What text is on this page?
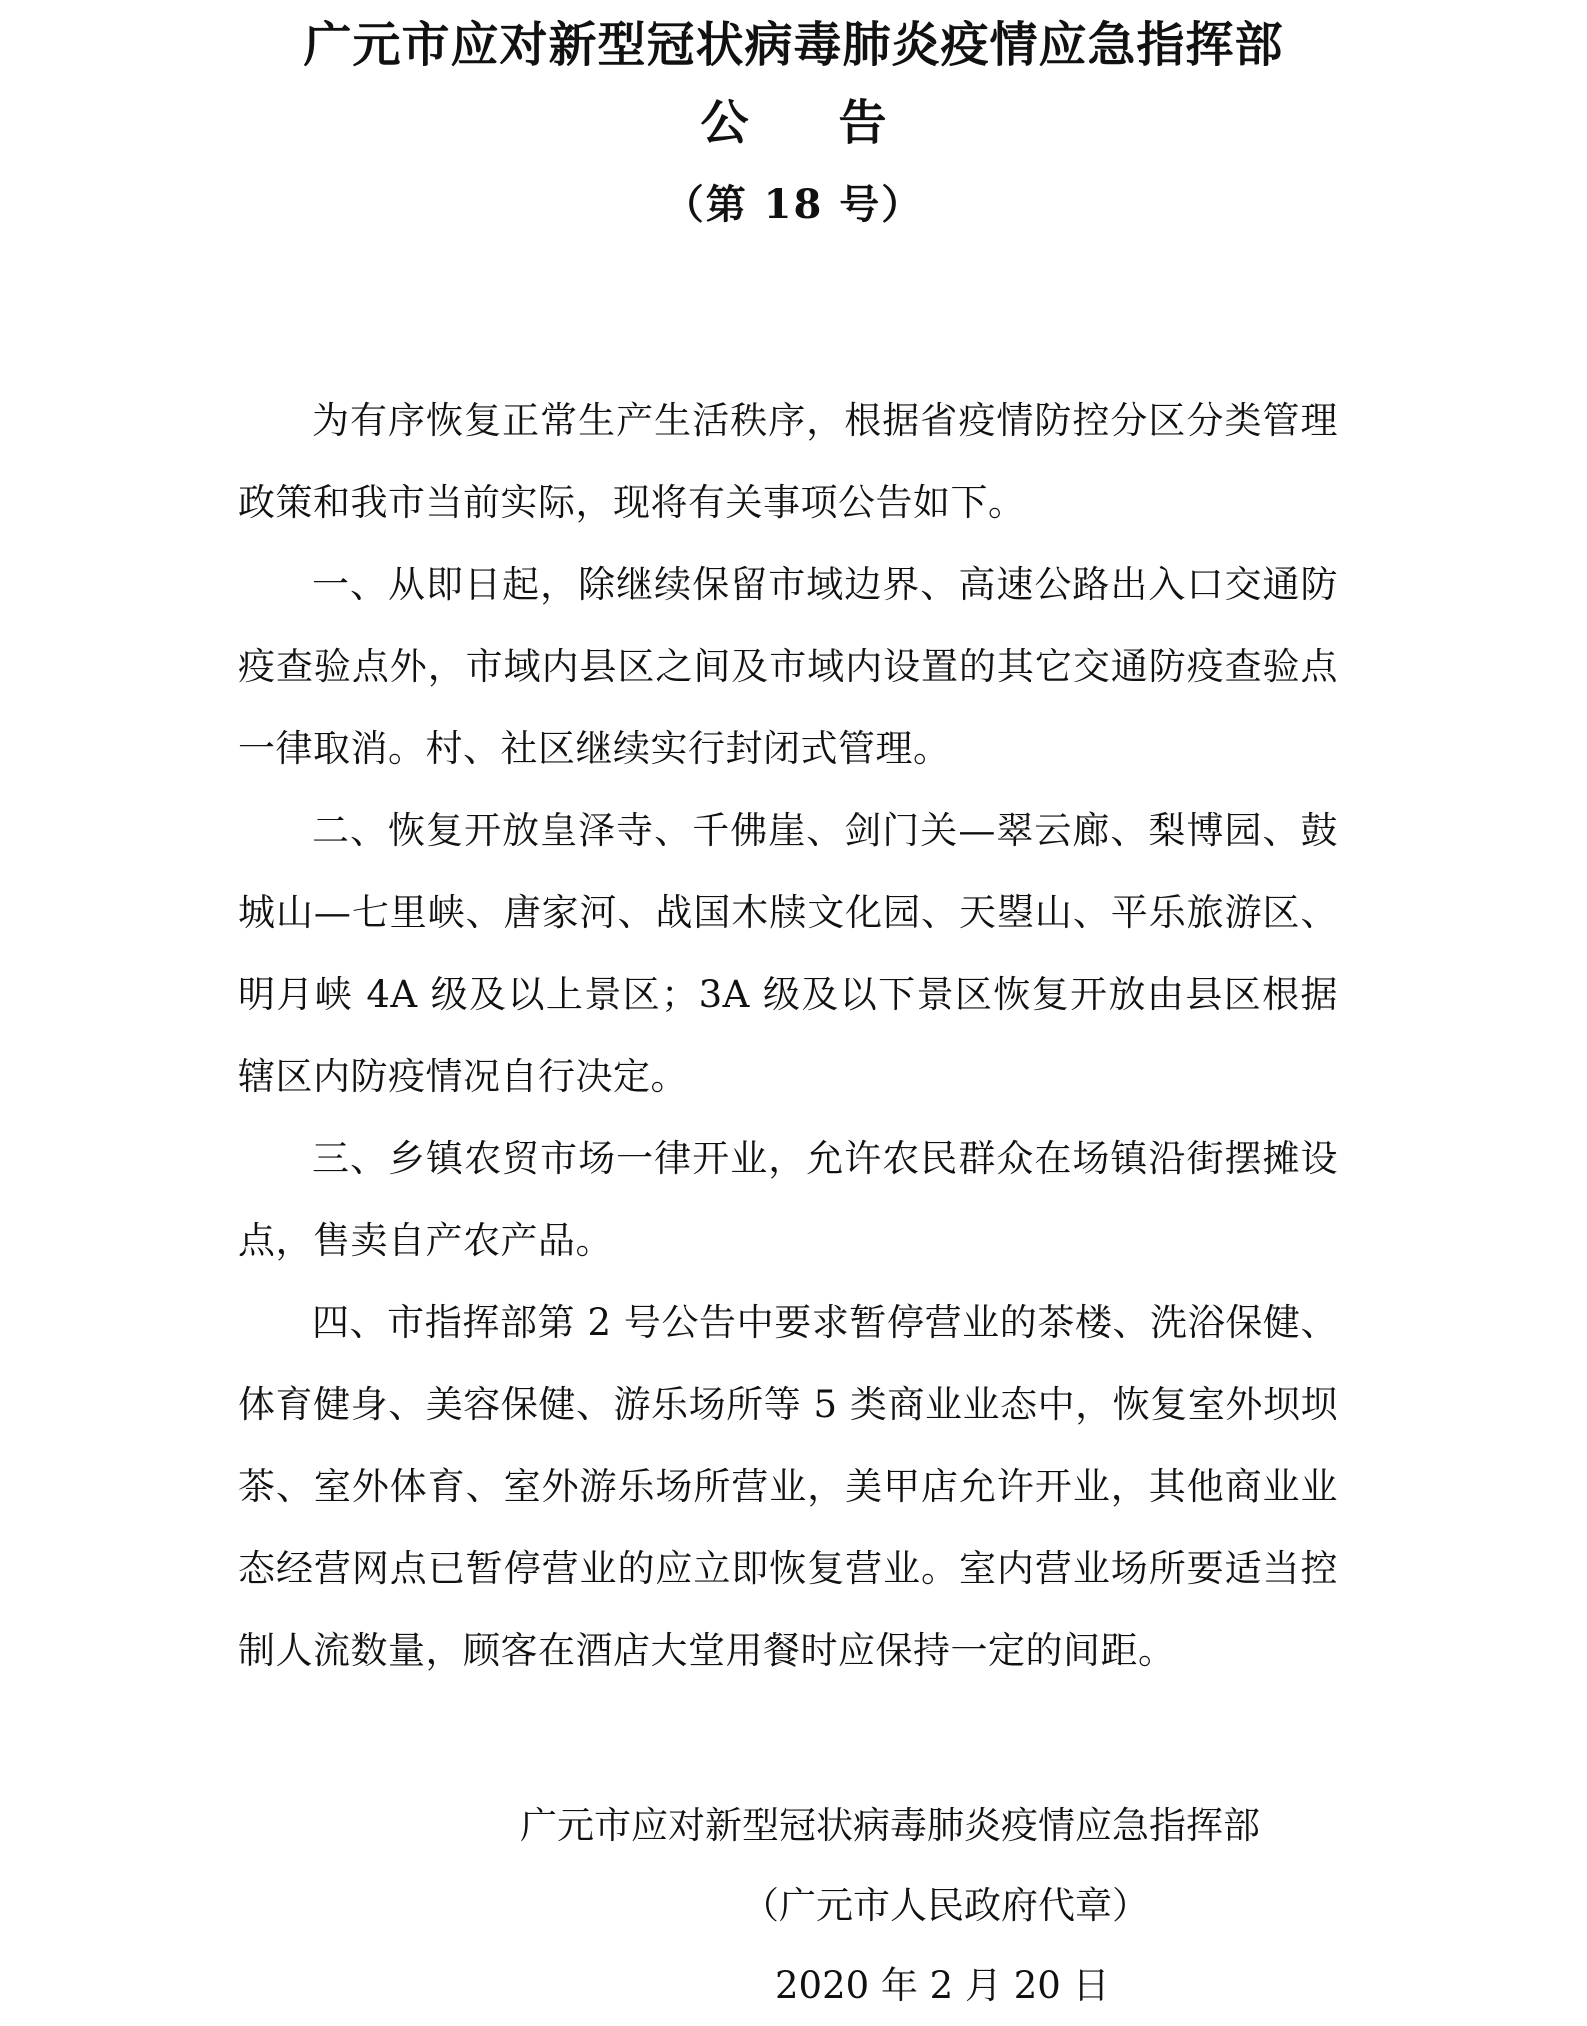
广元市应对新型冠状病毒肺炎疫情应急指挥部
公告
（第 18 号）

为有序恢复正常生产生活秩序，根据省疫情防控分区分类管理政策和我市当前实际，现将有关事项公告如下。

一、从即日起，除继续保留市域边界、高速公路出入口交通防疫查验点外，市域内县区之间及市域内设置的其它交通防疫查验点一律取消。村、社区继续实行封闭式管理。

二、恢复开放皇泽寺、千佛崖、剑门关—翠云廊、梨博园、鼓城山—七里峡、唐家河、战国木牍文化园、天曌山、平乐旅游区、明月峡 4A 级及以上景区；3A 级及以下景区恢复开放由县区根据辖区内防疫情况自行决定。

三、乡镇农贸市场一律开业，允许农民群众在场镇沿街摆摊设点，售卖自产农产品。

四、市指挥部第 2 号公告中要求暂停营业的茶楼、洗浴保健、体育健身、美容保健、游乐场所等 5 类商业业态中，恢复室外坝坝茶、室外体育、室外游乐场所营业，美甲店允许开业，其他商业业态经营网点已暂停营业的应立即恢复营业。室内营业场所要适当控制人流数量，顾客在酒店大堂用餐时应保持一定的间距。

广元市应对新型冠状病毒肺炎疫情应急指挥部
（广元市人民政府代章）
2020 年 2 月 20 日
